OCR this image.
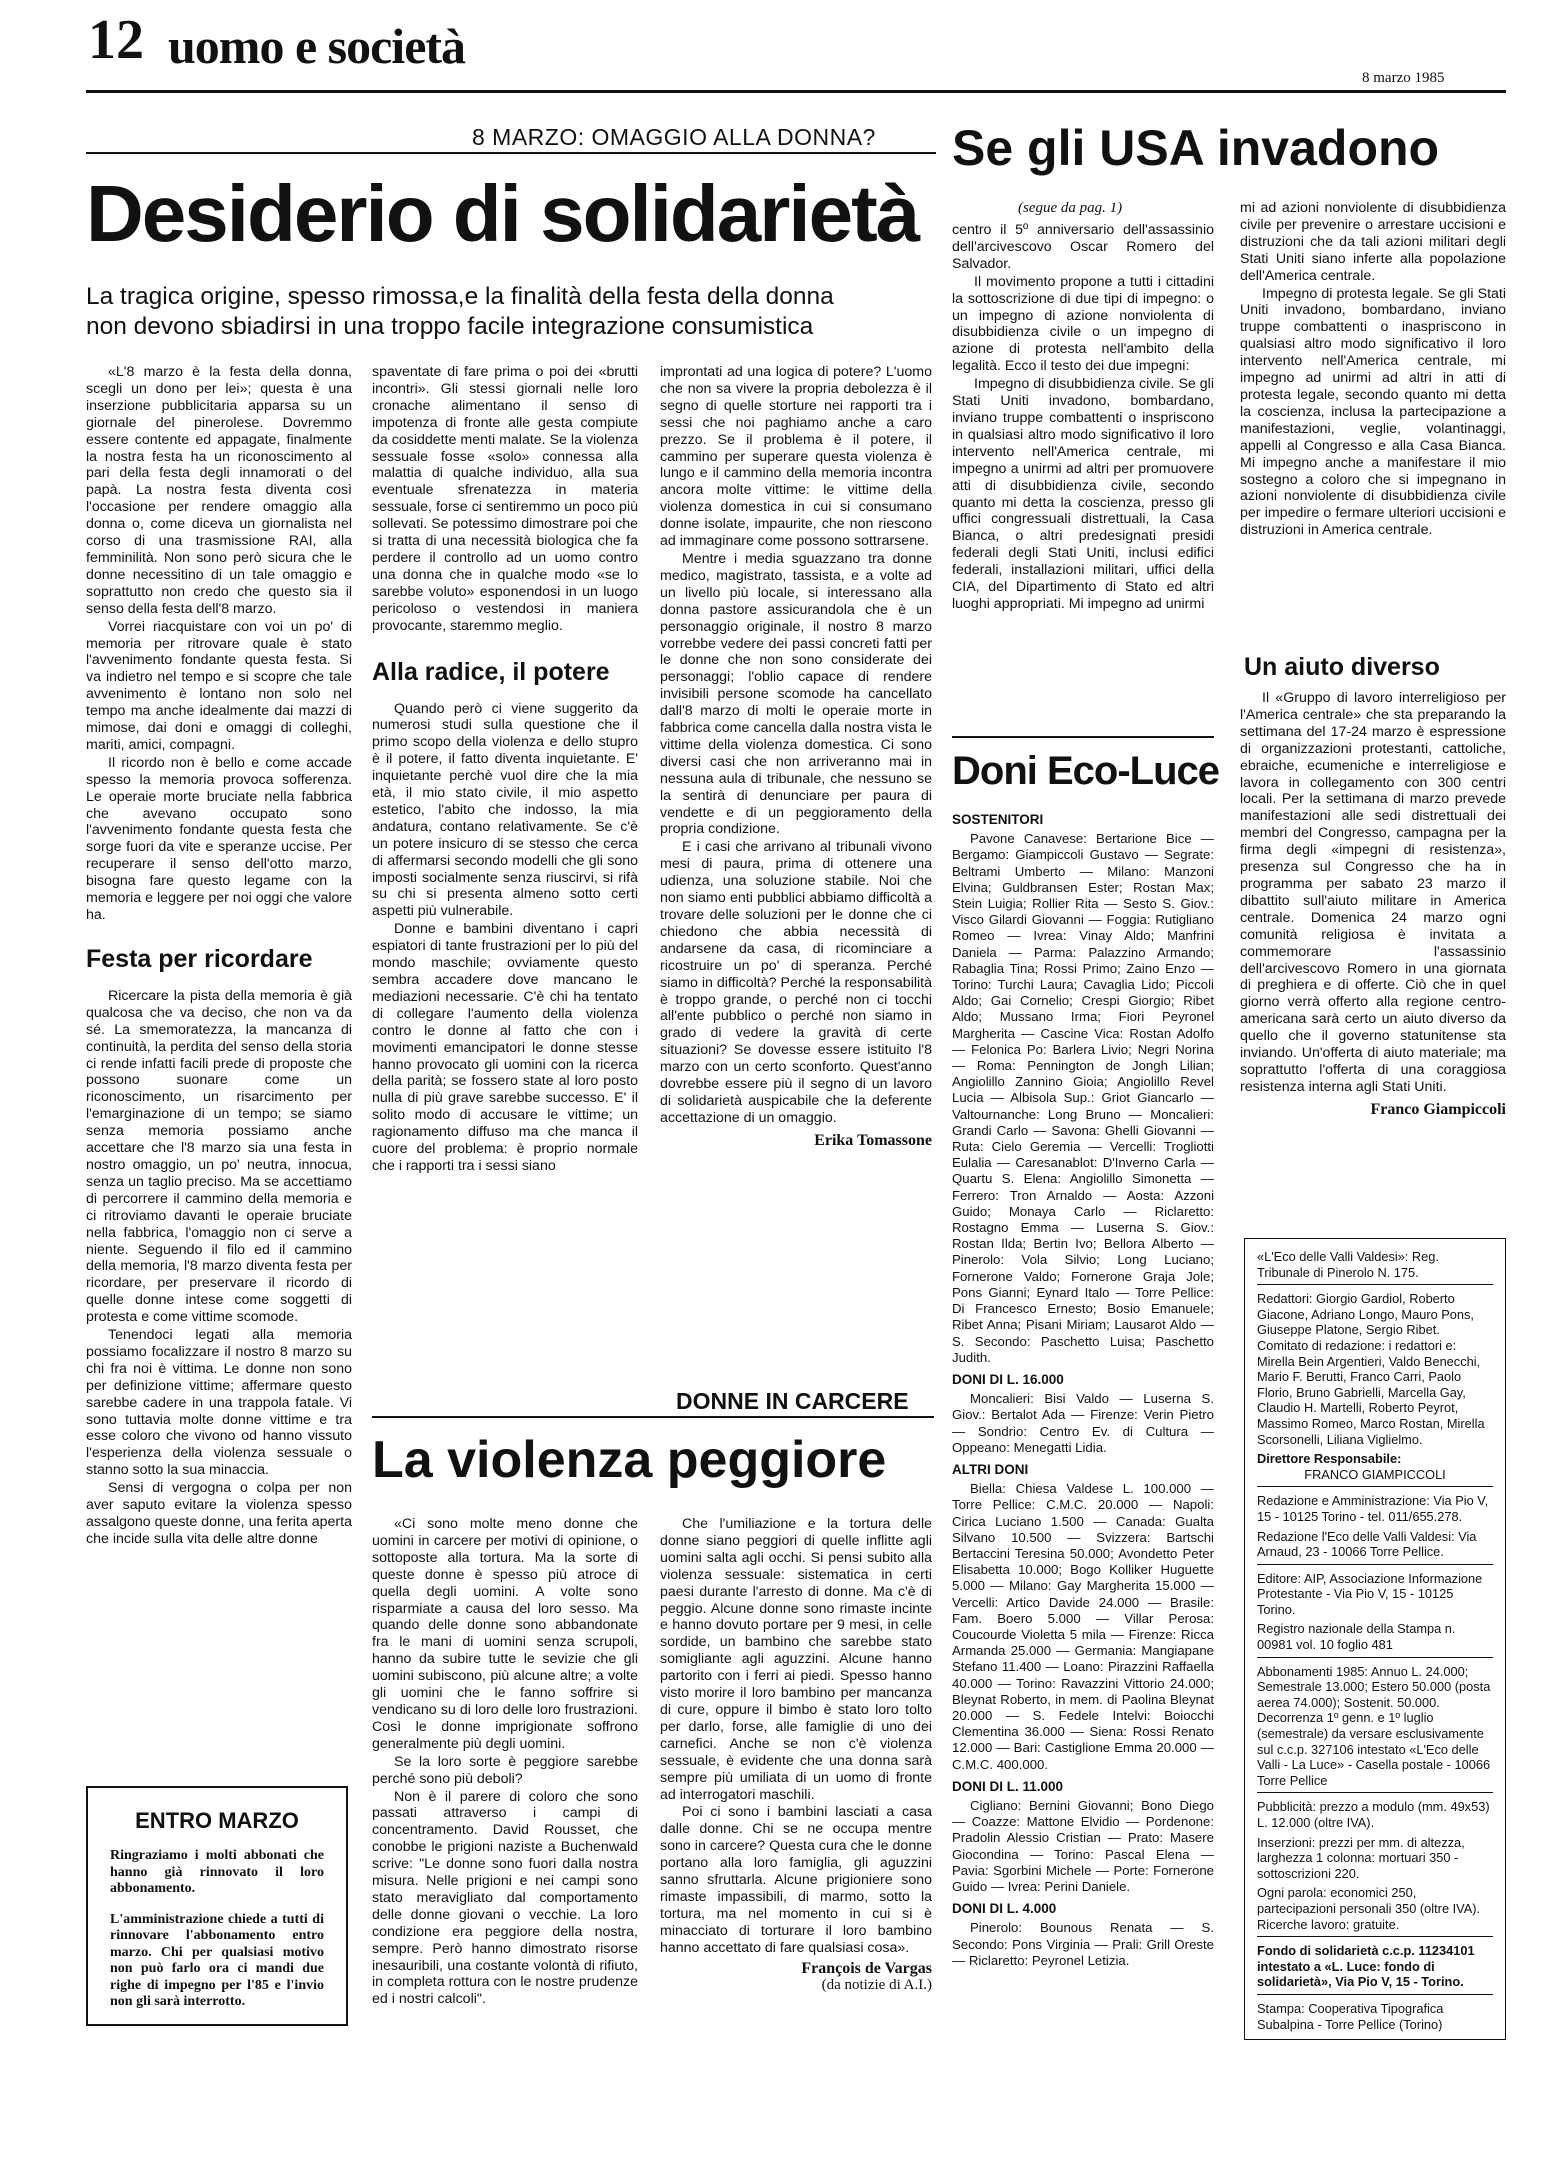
12 uomo e società
8 marzo 1985
8 MARZO: OMAGGIO ALLA DONNA?
Desiderio di solidarietà
La tragica origine, spesso rimossa,e la finalità della festa della donna
non devono sbiadirsi in una troppo facile integrazione consumistica

«L'8 marzo è la festa della donna, scegli un dono per lei»; questa è una inserzione pubblicitaria apparsa su un giornale del pinerolese. Dovremmo essere contente ed appagate, finalmente la nostra festa ha un riconoscimento al pari della festa degli innamorati o del papà. La nostra festa diventa così l'occasione per rendere omaggio alla donna o, come diceva un giornalista nel corso di una trasmissione RAI, alla femminilità. Non sono però sicura che le donne necessitino di un tale omaggio e soprattutto non credo che questo sia il senso della festa dell'8 marzo.

Vorrei riacquistare con voi un po' di memoria per ritrovare quale è stato l'avvenimento fondante questa festa. Si va indietro nel tempo e si scopre che tale avvenimento è lontano non solo nel tempo ma anche idealmente dai mazzi di mimose, dai doni e omaggi di colleghi, mariti, amici, compagni.

Il ricordo non è bello e come accade spesso la memoria provoca sofferenza. Le operaie morte bruciate nella fabbrica che avevano occupato sono l'avvenimento fondante questa festa che sorge fuori da vite e speranze uccise. Per recuperare il senso dell'otto marzo, bisogna fare questo legame con la memoria e leggere per noi oggi che valore ha.

Festa per ricordare

Ricercare la pista della memoria è già qualcosa che va deciso, che non va da sé. La smemoratezza, la mancanza di continuità, la perdita del senso della storia ci rende infatti facili prede di proposte che possono suonare come un riconoscimento, un risarcimento per l'emarginazione di un tempo; se siamo senza memoria possiamo anche accettare che l'8 marzo sia una festa in nostro omaggio, un po' neutra, innocua, senza un taglio preciso. Ma se accettiamo di percorrere il cammino della memoria e ci ritroviamo davanti le operaie bruciate nella fabbrica, l'omaggio non ci serve a niente. Seguendo il filo ed il cammino della memoria, l'8 marzo diventa festa per ricordare, per preservare il ricordo di quelle donne intese come soggetti di protesta e come vittime scomode.

Tenendoci legati alla memoria possiamo focalizzare il nostro 8 marzo su chi fra noi è vittima. Le donne non sono per definizione vittime; affermare questo sarebbe cadere in una trappola fatale. Vi sono tuttavia molte donne vittime e tra esse coloro che vivono od hanno vissuto l'esperienza della violenza sessuale o stanno sotto la sua minaccia.

Sensi di vergogna o colpa per non aver saputo evitare la violenza spesso assalgono queste donne, una ferita aperta che incide sulla vita delle altre donne

spaventate di fare prima o poi dei «brutti incontri». Gli stessi giornali nelle loro cronache alimentano il senso di impotenza di fronte alle gesta compiute da cosiddette menti malate. Se la violenza sessuale fosse «solo» connessa alla malattia di qualche individuo, alla sua eventuale sfrenatezza in materia sessuale, forse ci sentiremmo un poco più sollevati. Se potessimo dimostrare poi che si tratta di una necessità biologica che fa perdere il controllo ad un uomo contro una donna che in qualche modo «se lo sarebbe voluto» esponendosi in un luogo pericoloso o vestendosi in maniera provocante, staremmo meglio.

Alla radice, il potere

Quando però ci viene suggerito da numerosi studi sulla questione che il primo scopo della violenza e dello stupro è il potere, il fatto diventa inquietante. E' inquietante perchè vuol dire che la mia età, il mio stato civile, il mio aspetto estetico, l'abito che indosso, la mia andatura, contano relativamente. Se c'è un potere insicuro di se stesso che cerca di affermarsi secondo modelli che gli sono imposti socialmente senza riuscirvi, si rifà su chi si presenta almeno sotto certi aspetti più vulnerabile.

Donne e bambini diventano i capri espiatori di tante frustrazioni per lo più del mondo maschile; ovviamente questo sembra accadere dove mancano le mediazioni necessarie. C'è chi ha tentato di collegare l'aumento della violenza contro le donne al fatto che con i movimenti emancipatori le donne stesse hanno provocato gli uomini con la ricerca della parità; se fossero state al loro posto nulla di più grave sarebbe successo. E' il solito modo di accusare le vittime; un ragionamento diffuso ma che manca il cuore del problema: è proprio normale che i rapporti tra i sessi siano

improntati ad una logica di potere? L'uomo che non sa vivere la propria debolezza è il segno di quelle storture nei rapporti tra i sessi che noi paghiamo anche a caro prezzo. Se il problema è il potere, il cammino per superare questa violenza è lungo e il cammino della memoria incontra ancora molte vittime: le vittime della violenza domestica in cui si consumano donne isolate, impaurite, che non riescono ad immaginare come possono sottrarsene.

Mentre i media sguazzano tra donne medico, magistrato, tassista, e a volte ad un livello più locale, si interessano alla donna pastore assicurandola che è un personaggio originale, il nostro 8 marzo vorrebbe vedere dei passi concreti fatti per le donne che non sono considerate dei personaggi; l'oblio capace di rendere invisibili persone scomode ha cancellato dall'8 marzo di molti le operaie morte in fabbrica come cancella dalla nostra vista le vittime della violenza domestica. Ci sono diversi casi che non arriveranno mai in nessuna aula di tribunale, che nessuno se la sentirà di denunciare per paura di vendette e di un peggioramento della propria condizione.

E i casi che arrivano al tribunali vivono mesi di paura, prima di ottenere una udienza, una soluzione stabile. Noi che non siamo enti pubblici abbiamo difficoltà a trovare delle soluzioni per le donne che ci chiedono che abbia necessità di andarsene da casa, di ricominciare a ricostruire un po' di speranza. Perché siamo in difficoltà? Perché la responsabilità è troppo grande, o perché non ci tocchi all'ente pubblico o perché non siamo in grado di vedere la gravità di certe situazioni? Se dovesse essere istituito l'8 marzo con un certo sconforto. Quest'anno dovrebbe essere più il segno di un lavoro di solidarietà auspicabile che la deferente accettazione di un omaggio.

Erika Tomassone
Se gli USA invadono
(segue da pag. 1)

centro il 5º anniversario dell'assassinio dell'arcivescovo Oscar Romero del Salvador.

Il movimento propone a tutti i cittadini la sottoscrizione di due tipi di impegno: o un impegno di azione nonviolenta di disubbidienza civile o un impegno di azione di protesta nell'ambito della legalità. Ecco il testo dei due impegni:

Impegno di disubbidienza civile. Se gli Stati Uniti invadono, bombardano, inviano truppe combattenti o inspriscono in qualsiasi altro modo significativo il loro intervento nell'America centrale, mi impegno a unirmi ad altri per promuovere atti di disubbidienza civile, secondo quanto mi detta la coscienza, presso gli uffici congressuali distrettuali, la Casa Bianca, o altri predesignati presidi federali degli Stati Uniti, inclusi edifici federali, installazioni militari, uffici della CIA, del Dipartimento di Stato ed altri luoghi appropriati. Mi impegno ad unirmi

mi ad azioni nonviolente di disubbidienza civile per prevenire o arrestare uccisioni e distruzioni che da tali azioni militari degli Stati Uniti siano inferte alla popolazione dell'America centrale.

Impegno di protesta legale. Se gli Stati Uniti invadono, bombardano, inviano truppe combattenti o inaspriscono in qualsiasi altro modo significativo il loro intervento nell'America centrale, mi impegno ad unirmi ad altri in atti di protesta legale, secondo quanto mi detta la coscienza, inclusa la partecipazione a manifestazioni, veglie, volantinaggi, appelli al Congresso e alla Casa Bianca. Mi impegno anche a manifestare il mio sostegno a coloro che si impegnano in azioni nonviolente di disubbidienza civile per impedire o fermare ulteriori uccisioni e distruzioni in America centrale.

Un aiuto diverso

Il «Gruppo di lavoro interreligioso per l'America centrale» che sta preparando la settimana del 17-24 marzo è espressione di organizzazioni protestanti, cattoliche, ebraiche, ecumeniche e interreligiose e lavora in collegamento con 300 centri locali. Per la settimana di marzo prevede manifestazioni alle sedi distrettuali dei membri del Congresso, campagna per la firma degli «impegni di resistenza», presenza sul Congresso che ha in programma per sabato 23 marzo il dibattito sull'aiuto militare in America centrale. Domenica 24 marzo ogni comunità religiosa è invitata a commemorare l'assassinio dell'arcivescovo Romero in una giornata di preghiera e di offerte. Ciò che in quel giorno verrà offerto alla regione centro-americana sarà certo un aiuto diverso da quello che il governo statunitense sta inviando. Un'offerta di aiuto materiale; ma soprattutto l'offerta di una coraggiosa resistenza interna agli Stati Uniti.

Franco Giampiccoli
Doni Eco-Luce

SOSTENITORI

Pavone Canavese: Bertarione Bice — Bergamo: Giampiccoli Gustavo — Segrate: Beltrami Umberto — Milano: Manzoni Elvina; Guldbransen Ester; Rostan Max; Stein Luigia; Rollier Rita — Sesto S. Giov.: Visco Gilardi Giovanni — Foggia: Rutigliano Romeo — Ivrea: Vinay Aldo; Manfrini Daniela — Parma: Palazzino Armando; Rabaglia Tina; Rossi Primo; Zaino Enzo — Torino: Turchi Laura; Cavaglia Lido; Piccoli Aldo; Gai Cornelio; Crespi Giorgio; Ribet Aldo; Mussano Irma; Fiori Peyronel Margherita — Cascine Vica: Rostan Adolfo — Felonica Po: Barlera Livio; Negri Norina — Roma: Pennington de Jongh Lilian; Angiolillo Zannino Gioia; Angiolillo Revel Lucia — Albisola Sup.: Griot Giancarlo — Valtournanche: Long Bruno — Moncalieri: Grandi Carlo — Savona: Ghelli Giovanni — Ruta: Cielo Geremia — Vercelli: Trogliotti Eulalia — Caresanablot: D'Inverno Carla — Quartu S. Elena: Angiolillo Simonetta — Ferrero: Tron Arnaldo — Aosta: Azzoni Guido; Monaya Carlo — Riclaretto: Rostagno Emma — Luserna S. Giov.: Rostan Ilda; Bertin Ivo; Bellora Alberto — Pinerolo: Vola Silvio; Long Luciano; Fornerone Valdo; Fornerone Graja Jole; Pons Gianni; Eynard Italo — Torre Pellice: Di Francesco Ernesto; Bosio Emanuele; Ribet Anna; Pisani Miriam; Lausarot Aldo — S. Secondo: Paschetto Luisa; Paschetto Judith.

DONI DI L. 16.000

Moncalieri: Bisi Valdo — Luserna S. Giov.: Bertalot Ada — Firenze: Verin Pietro — Sondrio: Centro Ev. di Cultura — Oppeano: Menegatti Lidia.

ALTRI DONI

Biella: Chiesa Valdese L. 100.000 — Torre Pellice: C.M.C. 20.000 — Napoli: Cirica Luciano 1.500 — Canada: Gualta Silvano 10.500 — Svizzera: Bartschi Bertaccini Teresina 50.000; Avondetto Peter Elisabetta 10.000; Bogo Kolliker Huguette 5.000 — Milano: Gay Margherita 15.000 — Vercelli: Artico Davide 24.000 — Brasile: Fam. Boero 5.000 — Villar Perosa: Coucourde Violetta 5 mila — Firenze: Ricca Armanda 25.000 — Germania: Mangiapane Stefano 11.400 — Loano: Pirazzini Raffaella 40.000 — Torino: Ravazzini Vittorio 24.000; Bleynat Roberto, in mem. di Paolina Bleynat 20.000 — S. Fedele Intelvi: Boiocchi Clementina 36.000 — Siena: Rossi Renato 12.000 — Bari: Castiglione Emma 20.000 — C.M.C. 400.000.

DONI DI L. 11.000

Cigliano: Bernini Giovanni; Bono Diego — Coazze: Mattone Elvidio — Pordenone: Pradolin Alessio Cristian — Prato: Masere Giocondina — Torino: Pascal Elena — Pavia: Sgorbini Michele — Porte: Fornerone Guido — Ivrea: Perini Daniele.

DONI DI L. 4.000

Pinerolo: Bounous Renata — S. Secondo: Pons Virginia — Prali: Grill Oreste — Riclaretto: Peyronel Letizia.

DONNE IN CARCERE
La violenza peggiore

«Ci sono molte meno donne che uomini in carcere per motivi di opinione, o sottoposte alla tortura. Ma la sorte di queste donne è spesso più atroce di quella degli uomini. A volte sono risparmiate a causa del loro sesso. Ma quando delle donne sono abbandonate fra le mani di uomini senza scrupoli, hanno da subire tutte le sevizie che gli uomini subiscono, più alcune altre; a volte gli uomini che le fanno soffrire si vendicano su di loro delle loro frustrazioni. Così le donne imprigionate soffrono generalmente più degli uomini.

Se la loro sorte è peggiore sarebbe perché sono più deboli?

Non è il parere di coloro che sono passati attraverso i campi di concentramento. David Rousset, che conobbe le prigioni naziste a Buchenwald scrive: "Le donne sono fuori dalla nostra misura. Nelle prigioni e nei campi sono stato meravigliato dal comportamento delle donne giovani o vecchie. La loro condizione era peggiore della nostra, sempre. Però hanno dimostrato risorse inesauribili, una costante volontà di rifiuto, in completa rottura con le nostre prudenze ed i nostri calcoli".

Che l'umiliazione e la tortura delle donne siano peggiori di quelle inflitte agli uomini salta agli occhi. Si pensi subito alla violenza sessuale: sistematica in certi paesi durante l'arresto di donne. Ma c'è di peggio. Alcune donne sono rimaste incinte e hanno dovuto portare per 9 mesi, in celle sordide, un bambino che sarebbe stato somigliante agli aguzzini. Alcune hanno partorito con i ferri ai piedi. Spesso hanno visto morire il loro bambino per mancanza di cure, oppure il bimbo è stato loro tolto per darlo, forse, alle famiglie di uno dei carnefici. Anche se non c'è violenza sessuale, è evidente che una donna sarà sempre più umiliata di un uomo di fronte ad interrogatori maschili.

Poi ci sono i bambini lasciati a casa dalle donne. Chi se ne occupa mentre sono in carcere? Questa cura che le donne portano alla loro famiglia, gli aguzzini sanno sfruttarla. Alcune prigioniere sono rimaste impassibili, di marmo, sotto la tortura, ma nel momento in cui si è minacciato di torturare il loro bambino hanno accettato di fare qualsiasi cosa».

François de Vargas
(da notizie di A.I.)
ENTRO MARZO

Ringraziamo i molti abbonati che hanno già rinnovato il loro abbonamento.

L'amministrazione chiede a tutti di rinnovare l'abbonamento entro marzo. Chi per qualsiasi motivo non può farlo ora ci mandi due righe di impegno per l'85 e l'invio non gli sarà interrotto.

«L'Eco delle Valli Valdesi»: Reg. Tribunale di Pinerolo N. 175.

Redattori: Giorgio Gardiol, Roberto Giacone, Adriano Longo, Mauro Pons, Giuseppe Platone, Sergio Ribet. Comitato di redazione: i redattori e: Mirella Bein Argentieri, Valdo Benecchi, Mario F. Berutti, Franco Carri, Paolo Florio, Bruno Gabrielli, Marcella Gay, Claudio H. Martelli, Roberto Peyrot, Massimo Romeo, Marco Rostan, Mirella Scorsonelli, Liliana Viglielmo.

Direttore Responsabile:

FRANCO GIAMPICCOLI

Redazione e Amministrazione: Via Pio V, 15 - 10125 Torino - tel. 011/655.278.

Redazione l'Eco delle Valli Valdesi: Via Arnaud, 23 - 10066 Torre Pellice.

Editore: AIP, Associazione Informazione Protestante - Via Pio V, 15 - 10125 Torino.

Registro nazionale della Stampa n. 00981 vol. 10 foglio 481

Abbonamenti 1985: Annuo L. 24.000; Semestrale 13.000; Estero 50.000 (posta aerea 74.000); Sostenit. 50.000. Decorrenza 1º genn. e 1º luglio (semestrale) da versare esclusivamente sul c.c.p. 327106 intestato «L'Eco delle Valli - La Luce» - Casella postale - 10066 Torre Pellice

Pubblicità: prezzo a modulo (mm. 49x53) L. 12.000 (oltre IVA).

Inserzioni: prezzi per mm. di altezza, larghezza 1 colonna: mortuari 350 - sottoscrizioni 220.

Ogni parola: economici 250, partecipazioni personali 350 (oltre IVA). Ricerche lavoro: gratuite.

Fondo di solidarietà c.c.p. 11234101 intestato a «L. Luce: fondo di solidarietà», Via Pio V, 15 - Torino.

Stampa: Cooperativa Tipografica Subalpina - Torre Pellice (Torino)
